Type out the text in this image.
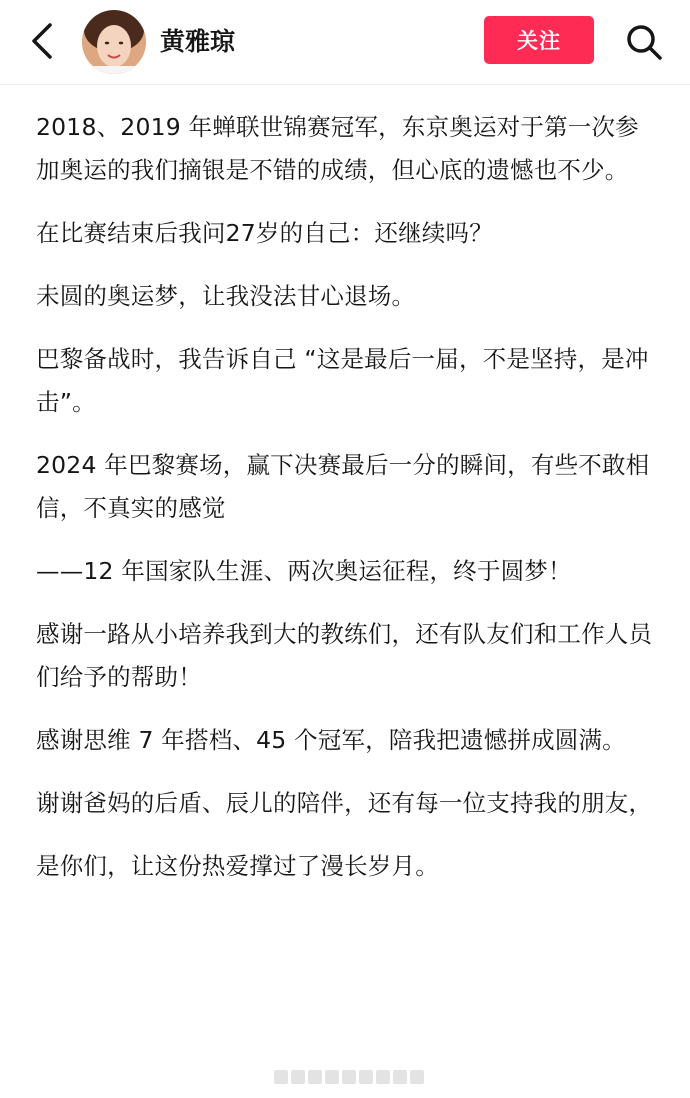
黄雅琼	关注

2018、2019 年蝉联世锦赛冠军，东京奥运对于第一次参加奥运的我们摘银是不错的成绩，但心底的遗憾也不少。

在比赛结束后我问27岁的自己：还继续吗？

未圆的奥运梦，让我没法甘心退场。

巴黎备战时，我告诉自己 “这是最后一届，不是坚持，是冲击”。

2024 年巴黎赛场，赢下决赛最后一分的瞬间，有些不敢相信，不真实的感觉

——12 年国家队生涯、两次奥运征程，终于圆梦！

感谢一路从小培养我到大的教练们，还有队友们和工作人员们给予的帮助！

感谢思维 7 年搭档、45 个冠军，陪我把遗憾拼成圆满。

谢谢爸妈的后盾、辰儿的陪伴，还有每一位支持我的朋友，

是你们，让这份热爱撑过了漫长岁月。
